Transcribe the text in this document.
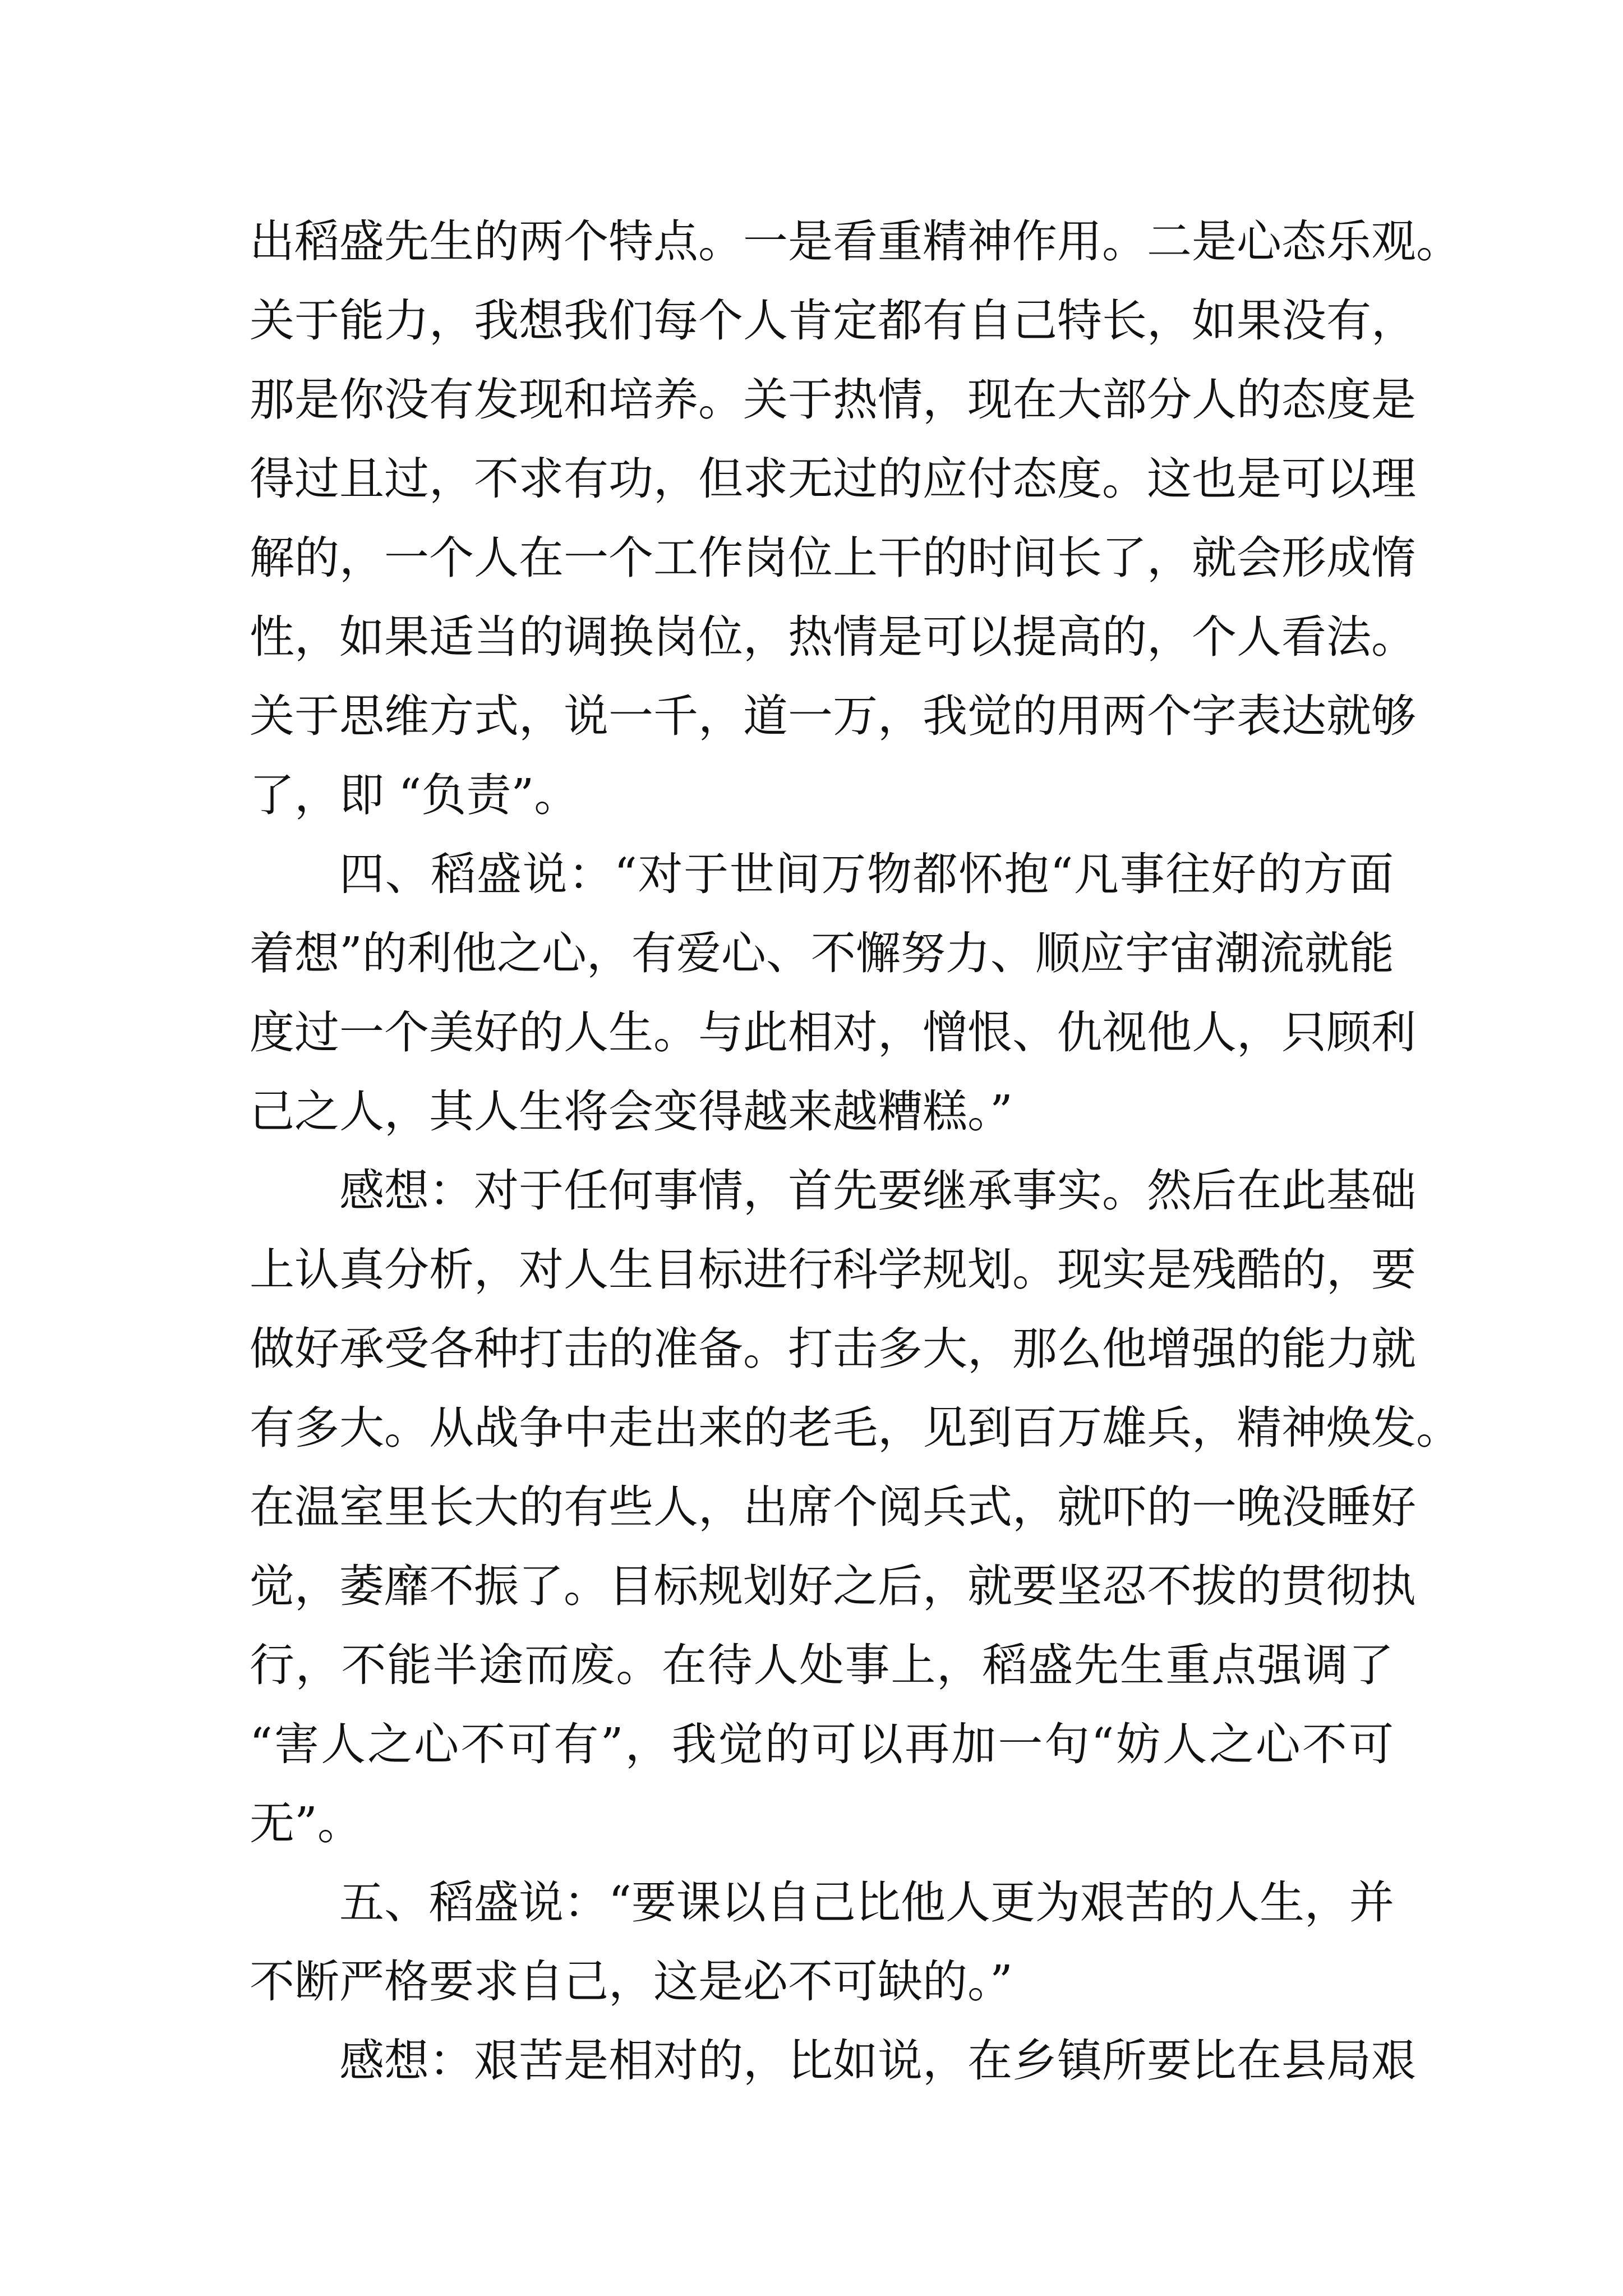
出稻盛先生的两个特点。一是看重精神作用。二是心态乐观。
关于能力，我想我们每个人肯定都有自己特长，如果没有，
那是你没有发现和培养。关于热情，现在大部分人的态度是
得过且过，不求有功，但求无过的应付态度。这也是可以理
解的，一个人在一个工作岗位上干的时间长了，就会形成惰
性，如果适当的调换岗位，热情是可以提高的，个人看法。
关于思维方式，说一千，道一万，我觉的用两个字表达就够
了，即 “负责”。
四、稻盛说：“对于世间万物都怀抱“凡事往好的方面
着想”的利他之心，有爱心、不懈努力、顺应宇宙潮流就能
度过一个美好的人生。与此相对，憎恨、仇视他人，只顾利
己之人，其人生将会变得越来越糟糕。”
感想：对于任何事情，首先要继承事实。然后在此基础
上认真分析，对人生目标进行科学规划。现实是残酷的，要
做好承受各种打击的准备。打击多大，那么他增强的能力就
有多大。从战争中走出来的老毛，见到百万雄兵，精神焕发。
在温室里长大的有些人，出席个阅兵式，就吓的一晚没睡好
觉，萎靡不振了。目标规划好之后，就要坚忍不拔的贯彻执
行，不能半途而废。在待人处事上，稻盛先生重点强调了
“害人之心不可有”，我觉的可以再加一句“妨人之心不可
无”。
五、稻盛说：“要课以自己比他人更为艰苦的人生，并
不断严格要求自己，这是必不可缺的。”
感想：艰苦是相对的，比如说，在乡镇所要比在县局艰
